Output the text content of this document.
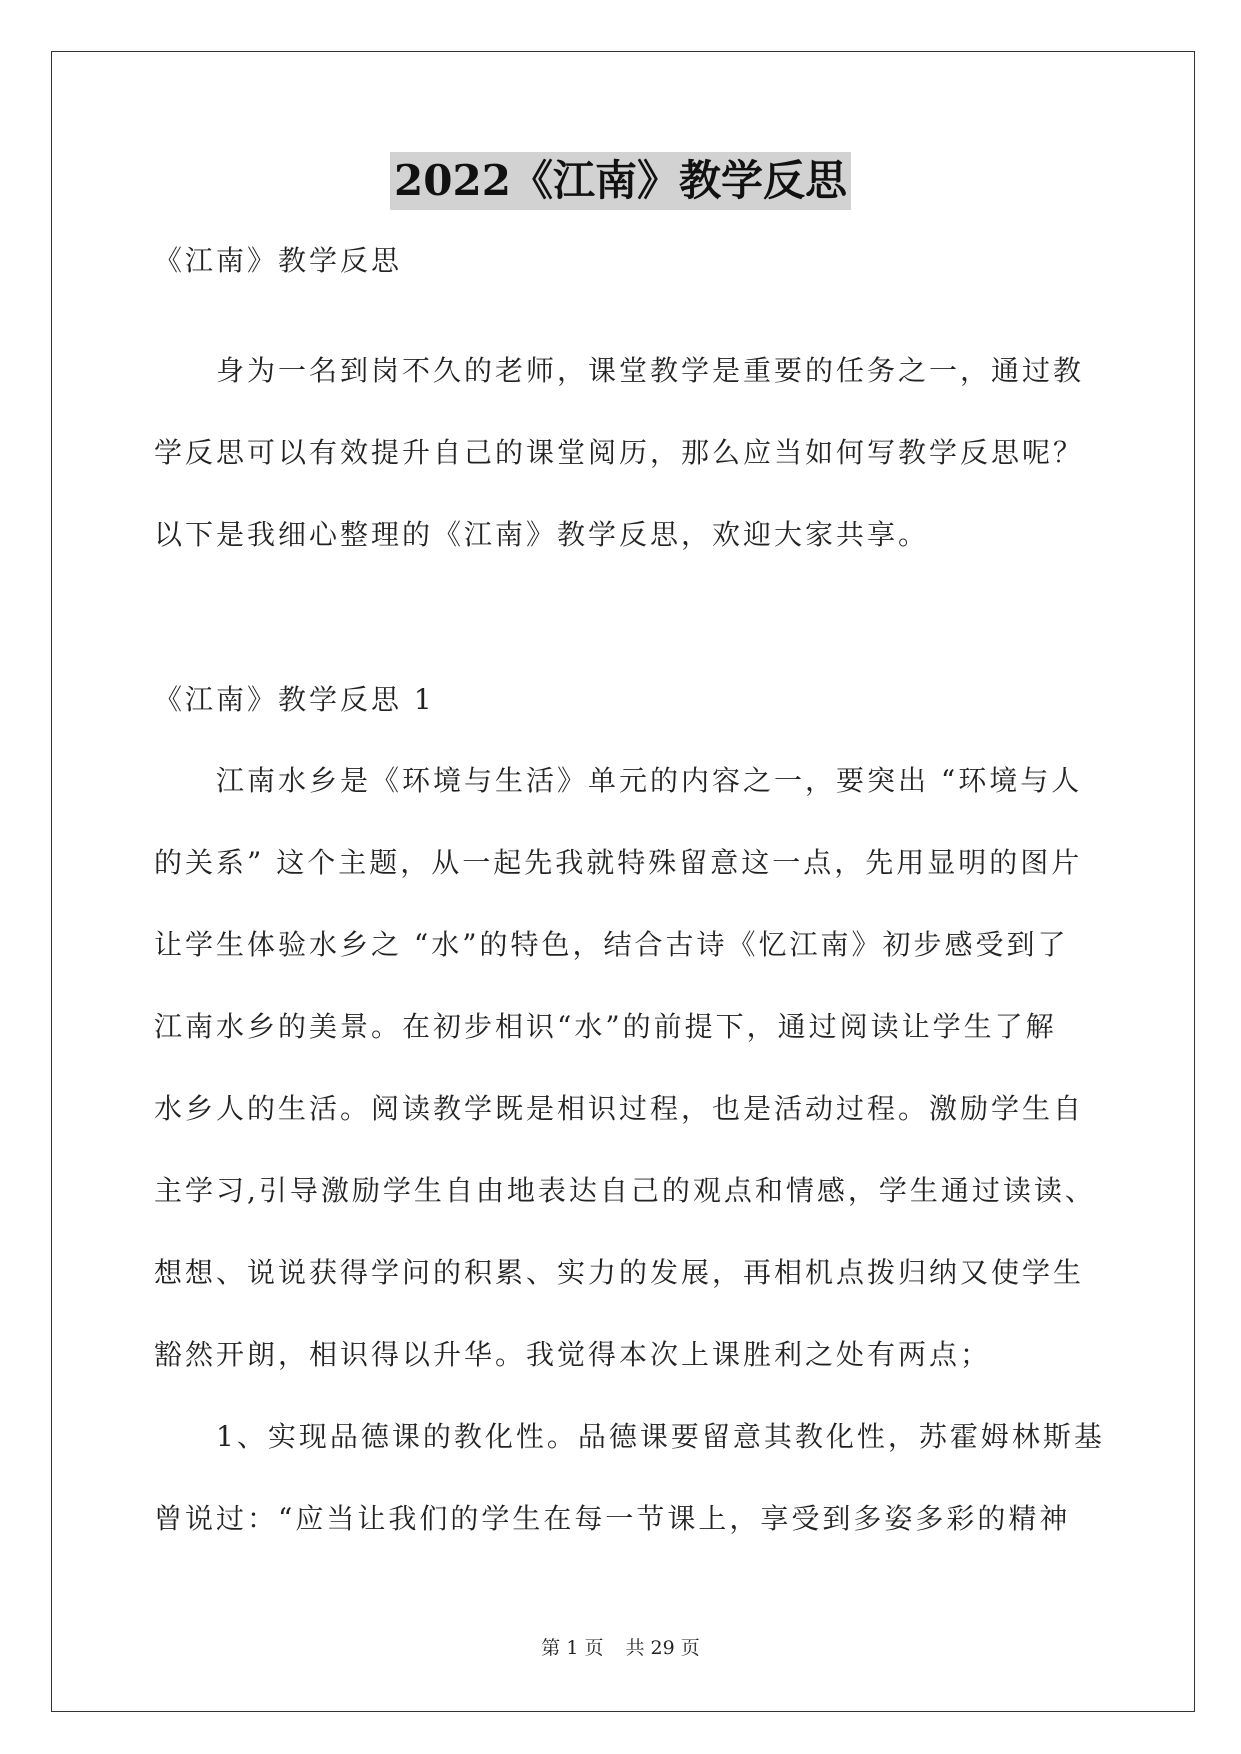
2022《江南》教学反思
《江南》教学反思
身为一名到岗不久的老师，课堂教学是重要的任务之一，通过教
学反思可以有效提升自己的课堂阅历，那么应当如何写教学反思呢？
以下是我细心整理的《江南》教学反思，欢迎大家共享。
《江南》教学反思 1
江南水乡是《环境与生活》单元的内容之一，要突出 “环境与人
的关系” 这个主题，从一起先我就特殊留意这一点，先用显明的图片
让学生体验水乡之 “水”的特色，结合古诗《忆江南》初步感受到了
江南水乡的美景。在初步相识“水”的前提下，通过阅读让学生了解
水乡人的生活。阅读教学既是相识过程，也是活动过程。激励学生自
主学习,引导激励学生自由地表达自己的观点和情感，学生通过读读、
想想、说说获得学问的积累、实力的发展，再相机点拨归纳又使学生
豁然开朗，相识得以升华。我觉得本次上课胜利之处有两点；
1、实现品德课的教化性。品德课要留意其教化性，苏霍姆林斯基
曾说过：“应当让我们的学生在每一节课上，享受到多姿多彩的精神
第 1 页 共 29 页
